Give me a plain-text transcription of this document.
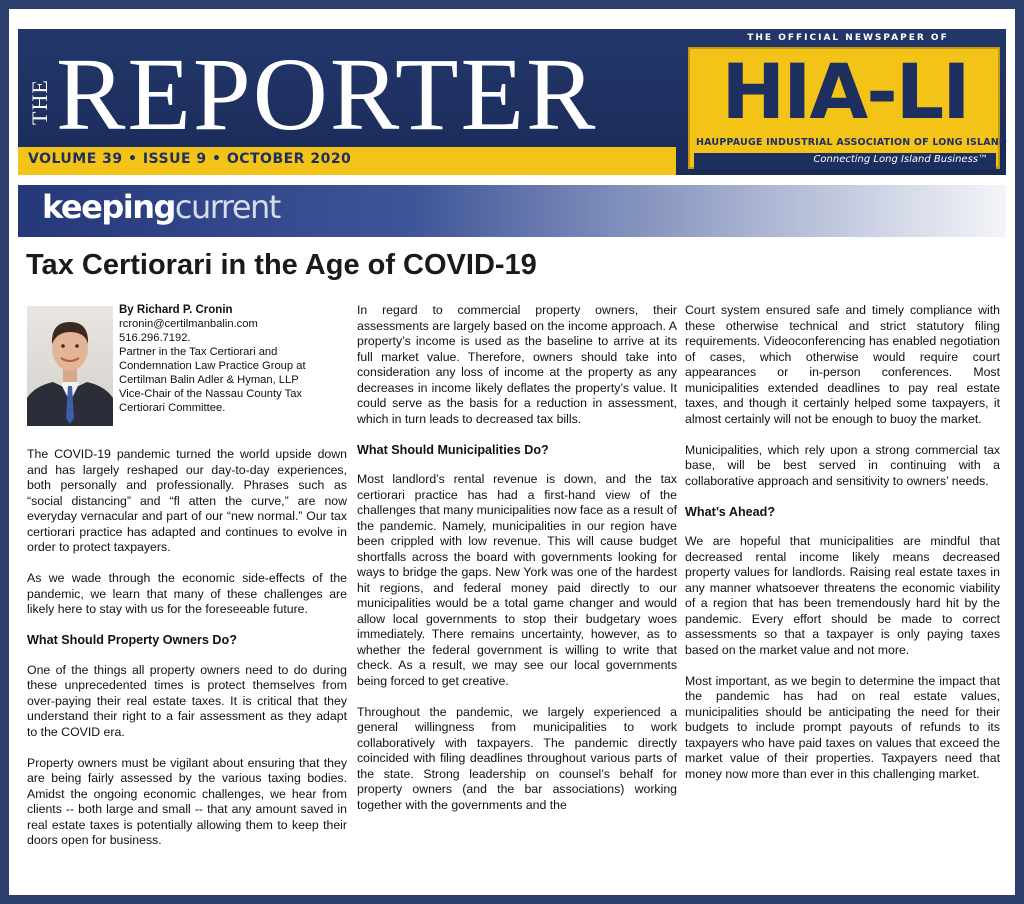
THE REPORTER
VOLUME 39 • ISSUE 9 • OCTOBER 2020
THE OFFICIAL NEWSPAPER OF
HIA-LI
HAUPPAUGE INDUSTRIAL ASSOCIATION OF LONG ISLAND
Connecting Long Island Business™
keepingcurrent
Tax Certiorari in the Age of COVID-19

By Richard P. Cronin

rcronin@certilmanbalin.com

516.296.7192.

Partner in the Tax Certiorari and

Condemnation Law Practice Group at

Certilman Balin Adler & Hyman, LLP

Vice-Chair of the Nassau County Tax

Certiorari Committee.

The COVID-19 pandemic turned the world upside down and has largely reshaped our day-to-day experiences, both personally and professionally. Phrases such as “social distancing” and “fl atten the curve,” are now everyday vernacular and part of our “new normal.” Our tax certiorari practice has adapted and continues to evolve in order to protect taxpayers.

As we wade through the economic side-effects of the pandemic, we learn that many of these challenges are likely here to stay with us for the foreseeable future.

What Should Property Owners Do?

One of the things all property owners need to do during these unprecedented times is protect themselves from over-paying their real estate taxes. It is critical that they understand their right to a fair assessment as they adapt to the COVID era.

Property owners must be vigilant about ensuring that they are being fairly assessed by the various taxing bodies. Amidst the ongoing economic challenges, we hear from clients -- both large and small -- that any amount saved in real estate taxes is potentially allowing them to keep their doors open for business.

In regard to commercial property owners, their assessments are largely based on the income approach. A property’s income is used as the baseline to arrive at its full market value. Therefore, owners should take into consideration any loss of income at the property as any decreases in income likely deflates the property’s value. It could serve as the basis for a reduction in assessment, which in turn leads to decreased tax bills.

What Should Municipalities Do?

Most landlord’s rental revenue is down, and the tax certiorari practice has had a first-hand view of the challenges that many municipalities now face as a result of the pandemic. Namely, municipalities in our region have been crippled with low revenue. This will cause budget shortfalls across the board with governments looking for ways to bridge the gaps. New York was one of the hardest hit regions, and federal money paid directly to our municipalities would be a total game changer and would allow local governments to stop their budgetary woes immediately. There remains uncertainty, however, as to whether the federal government is willing to write that check. As a result, we may see our local governments being forced to get creative.

Throughout the pandemic, we largely experienced a general willingness from municipalities to work collaboratively with taxpayers. The pandemic directly coincided with filing deadlines throughout various parts of the state. Strong leadership on counsel’s behalf for property owners (and the bar associations) working together with the governments and the

Court system ensured safe and timely compliance with these otherwise technical and strict statutory filing requirements. Videoconferencing has enabled negotiation of cases, which otherwise would require court appearances or in-person conferences. Most municipalities extended deadlines to pay real estate taxes, and though it certainly helped some taxpayers, it almost certainly will not be enough to buoy the market.

Municipalities, which rely upon a strong commercial tax base, will be best served in continuing with a collaborative approach and sensitivity to owners’ needs.

What’s Ahead?

We are hopeful that municipalities are mindful that decreased rental income likely means decreased property values for landlords. Raising real estate taxes in any manner whatsoever threatens the economic viability of a region that has been tremendously hard hit by the pandemic. Every effort should be made to correct assessments so that a taxpayer is only paying taxes based on the market value and not more.

Most important, as we begin to determine the impact that the pandemic has had on real estate values, municipalities should be anticipating the need for their budgets to include prompt payouts of refunds to its taxpayers who have paid taxes on values that exceed the market value of their properties. Taxpayers need that money now more than ever in this challenging market.
